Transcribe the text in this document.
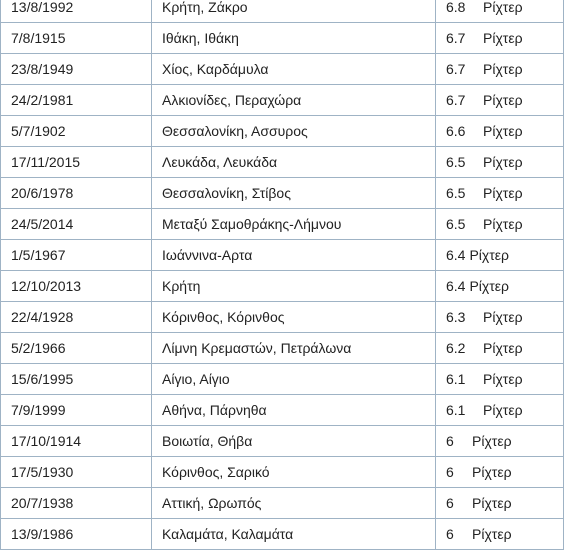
13/8/1992	Κρήτη, Ζάκρο	6.8 Ρίχτερ
7/8/1915	Ιθάκη, Ιθάκη	6.7 Ρίχτερ
23/8/1949	Χίος, Καρδάμυλα	6.7 Ρίχτερ
24/2/1981	Αλκιονίδες, Περαχώρα	6.7 Ρίχτερ
5/7/1902	Θεσσαλονίκη, Ασσυρος	6.6 Ρίχτερ
17/11/2015	Λευκάδα, Λευκάδα	6.5 Ρίχτερ
20/6/1978	Θεσσαλονίκη, Στίβος	6.5 Ρίχτερ
24/5/2014	Μεταξύ Σαμοθράκης-Λήμνου	6.5 Ρίχτερ
1/5/1967	Ιωάννινα-Αρτα	6.4 Ρίχτερ
12/10/2013	Κρήτη	6.4 Ρίχτερ
22/4/1928	Κόρινθος, Κόρινθος	6.3 Ρίχτερ
5/2/1966	Λίμνη Κρεμαστών, Πετράλωνα	6.2 Ρίχτερ
15/6/1995	Αίγιο, Αίγιο	6.1 Ρίχτερ
7/9/1999	Αθήνα, Πάρνηθα	6.1 Ρίχτερ
17/10/1914	Βοιωτία, Θήβα	6 Ρίχτερ
17/5/1930	Κόρινθος, Σαρικό	6 Ρίχτερ
20/7/1938	Αττική, Ωρωπός	6 Ρίχτερ
13/9/1986	Καλαμάτα, Καλαμάτα	6 Ρίχτερ
